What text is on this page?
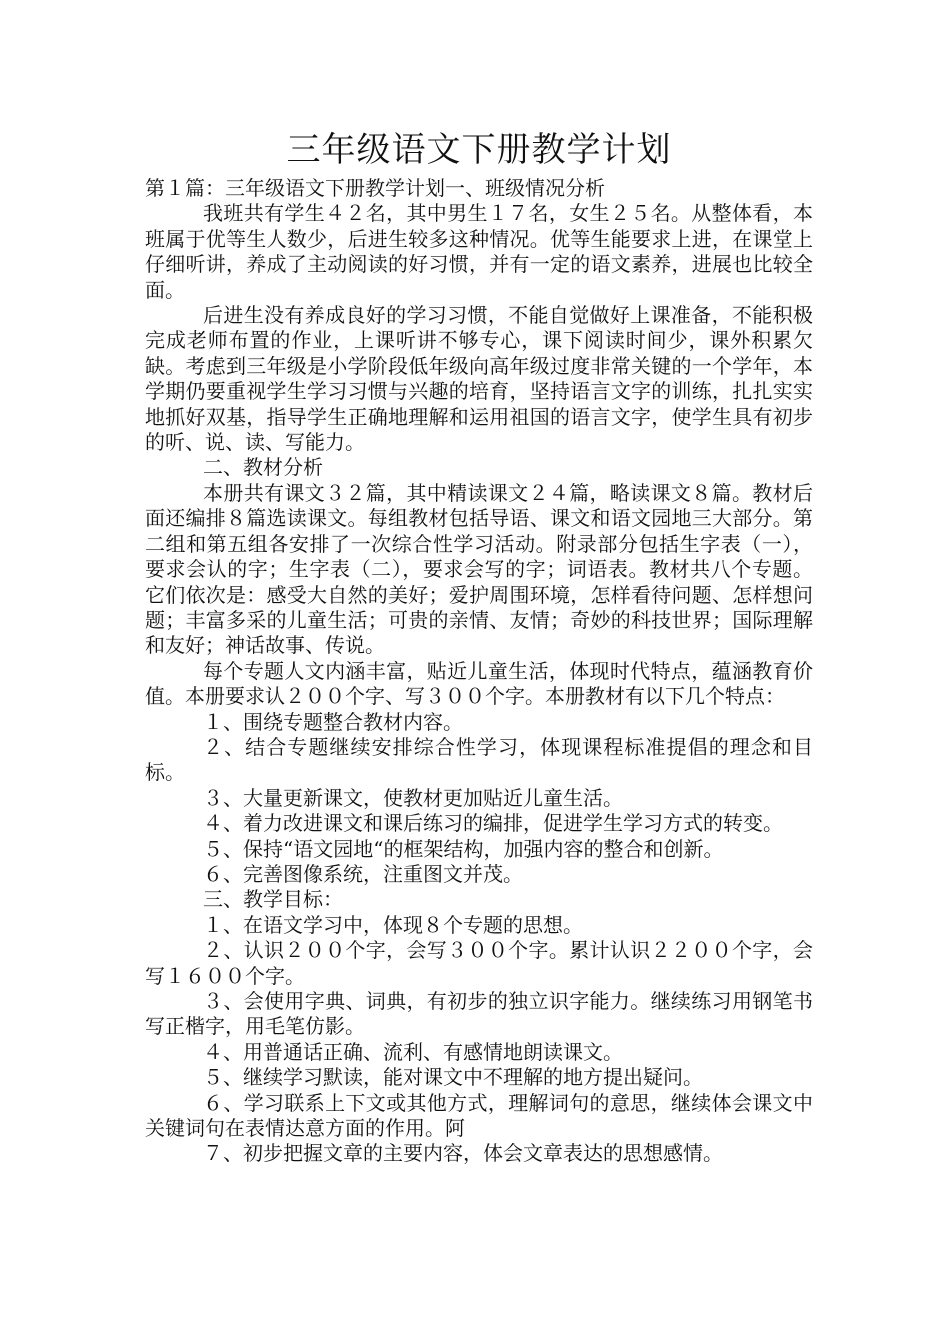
三年级语文下册教学计划

第１篇：三年级语文下册教学计划一、班级情况分析

我班共有学生４２名，其中男生１７名，女生２５名。从整体看，本班属于优等生人数少，后进生较多这种情况。优等生能要求上进，在课堂上仔细听讲，养成了主动阅读的好习惯，并有一定的语文素养，进展也比较全面。

后进生没有养成良好的学习习惯，不能自觉做好上课准备，不能积极完成老师布置的作业，上课听讲不够专心，课下阅读时间少，课外积累欠缺。考虑到三年级是小学阶段低年级向高年级过度非常关键的一个学年，本学期仍要重视学生学习习惯与兴趣的培育，坚持语言文字的训练，扎扎实实地抓好双基，指导学生正确地理解和运用祖国的语言文字，使学生具有初步的听、说、读、写能力。

二、教材分析

本册共有课文３２篇，其中精读课文２４篇，略读课文８篇。教材后面还编排８篇选读课文。每组教材包括导语、课文和语文园地三大部分。第二组和第五组各安排了一次综合性学习活动。附录部分包括生字表（一），要求会认的字；生字表（二），要求会写的字；词语表。教材共八个专题。它们依次是：感受大自然的美好；爱护周围环境，怎样看待问题、怎样想问题；丰富多采的儿童生活；可贵的亲情、友情；奇妙的科技世界；国际理解和友好；神话故事、传说。

每个专题人文内涵丰富，贴近儿童生活，体现时代特点，蕴涵教育价值。本册要求认２００个字、写３００个字。本册教材有以下几个特点：

１、围绕专题整合教材内容。

２、结合专题继续安排综合性学习，体现课程标准提倡的理念和目标。

３、大量更新课文，使教材更加贴近儿童生活。

４、着力改进课文和课后练习的编排，促进学生学习方式的转变。

５、保持“语文园地“的框架结构，加强内容的整合和创新。

６、完善图像系统，注重图文并茂。

三、教学目标：

１、在语文学习中，体现８个专题的思想。

２、认识２００个字，会写３００个字。累计认识２２００个字，会写１６００个字。

３、会使用字典、词典，有初步的独立识字能力。继续练习用钢笔书写正楷字，用毛笔仿影。

４、用普通话正确、流利、有感情地朗读课文。

５、继续学习默读，能对课文中不理解的地方提出疑问。

６、学习联系上下文或其他方式，理解词句的意思，继续体会课文中关键词句在表情达意方面的作用。阿

７、初步把握文章的主要内容，体会文章表达的思想感情。
